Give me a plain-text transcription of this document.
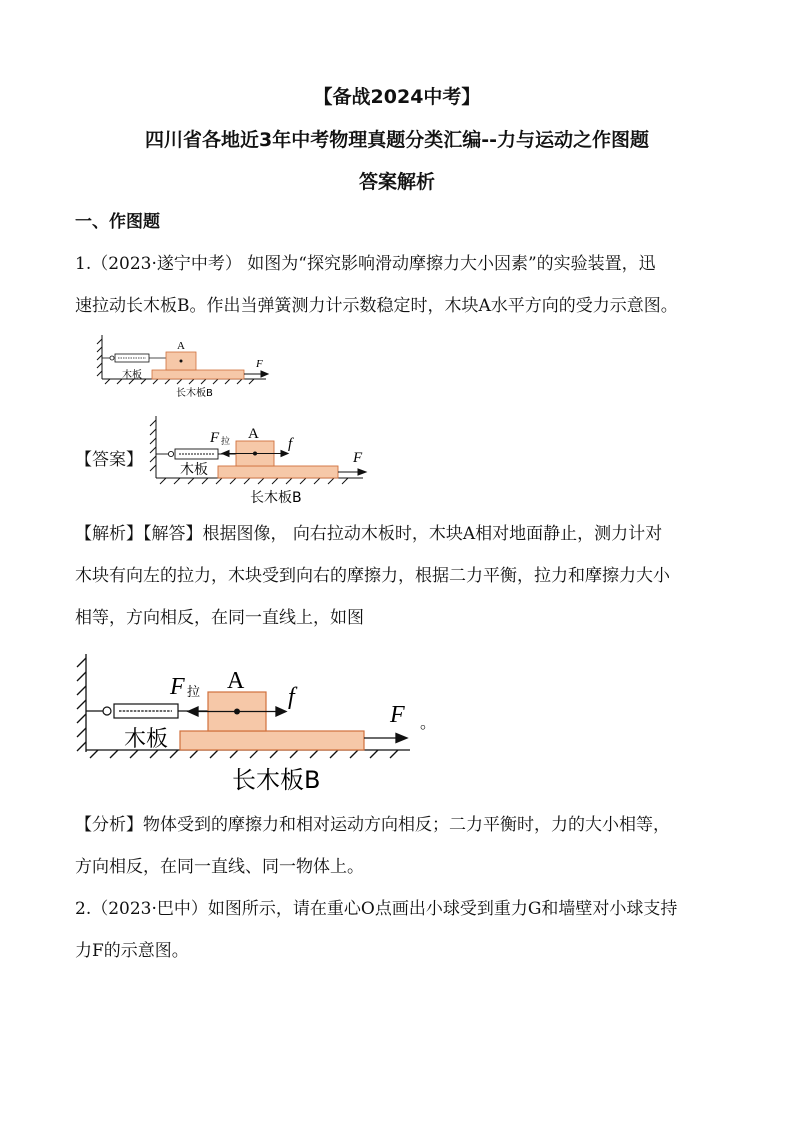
【备战2024中考】
四川省各地近3年中考物理真题分类汇编--力与运动之作图题
答案解析
一、作图题
1.（2023·遂宁中考） 如图为“探究影响滑动摩擦力大小因素”的实验装置，迅
速拉动长木板B。作出当弹簧测力计示数稳定时，木块A水平方向的受力示意图。
A
F
木板
长木板B
【答案】
A
F 拉	f
F
木板
长木板B
【解析】【解答】根据图像， 向右拉动木板时，木块A相对地面静止，测力计对
木块有向左的拉力，木块受到向右的摩擦力，根据二力平衡，拉力和摩擦力大小
相等，方向相反，在同一直线上，如图
A
F 拉	f
F 。
木板
长木板B
【分析】物体受到的摩擦力和相对运动方向相反；二力平衡时，力的大小相等，
方向相反，在同一直线、同一物体上。
2.（2023·巴中）如图所示，请在重心O点画出小球受到重力G和墙壁对小球支持
力F的示意图。
